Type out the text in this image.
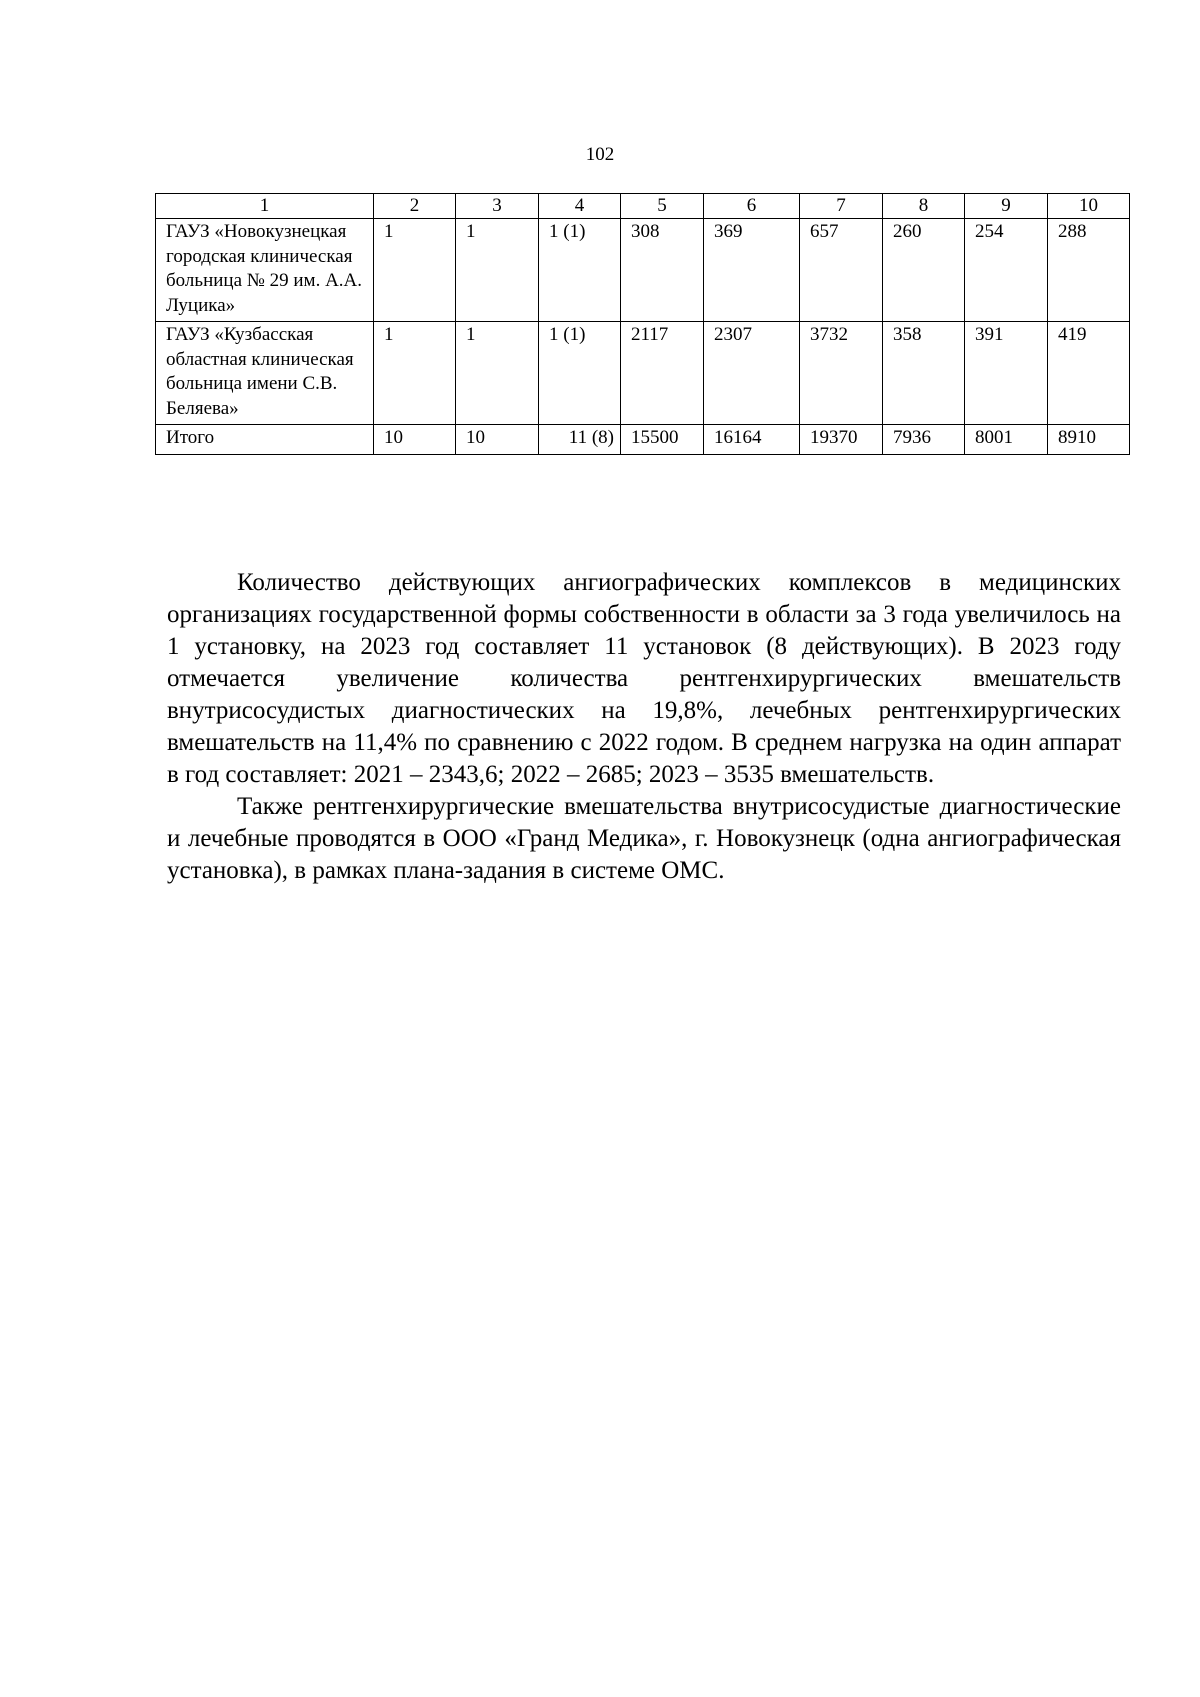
102
1	2	3	4	5	6	7	8	9	10
ГАУЗ «Новокузнецкая городская клиническая больница № 29 им. А.А. Луцика»	1	1	1 (1)	308	369	657	260	254	288
ГАУЗ «Кузбасская областная клиническая больница имени С.В. Беляева»	1	1	1 (1)	2117	2307	3732	358	391	419
Итого	10	10	11 (8)	15500	16164	19370	7936	8001	8910

Количество действующих ангиографических комплексов в медицинских организациях государственной формы собственности в области за 3 года увеличилось на 1 установку, на 2023 год составляет 11 установок (8 действующих). В 2023 году отмечается увеличение количества рентгенхирургических вмешательств внутрисосудистых диагностических на 19,8%, лечебных рентгенхирургических вмешательств на 11,4% по сравнению с 2022 годом. В среднем нагрузка на один аппарат в год составляет: 2021 – 2343,6; 2022 – 2685; 2023 – 3535 вмешательств.

Также рентгенхирургические вмешательства внутрисосудистые диагностические и лечебные проводятся в ООО «Гранд Медика», г. Новокузнецк (одна ангиографическая установка), в рамках плана-задания в системе ОМС.
